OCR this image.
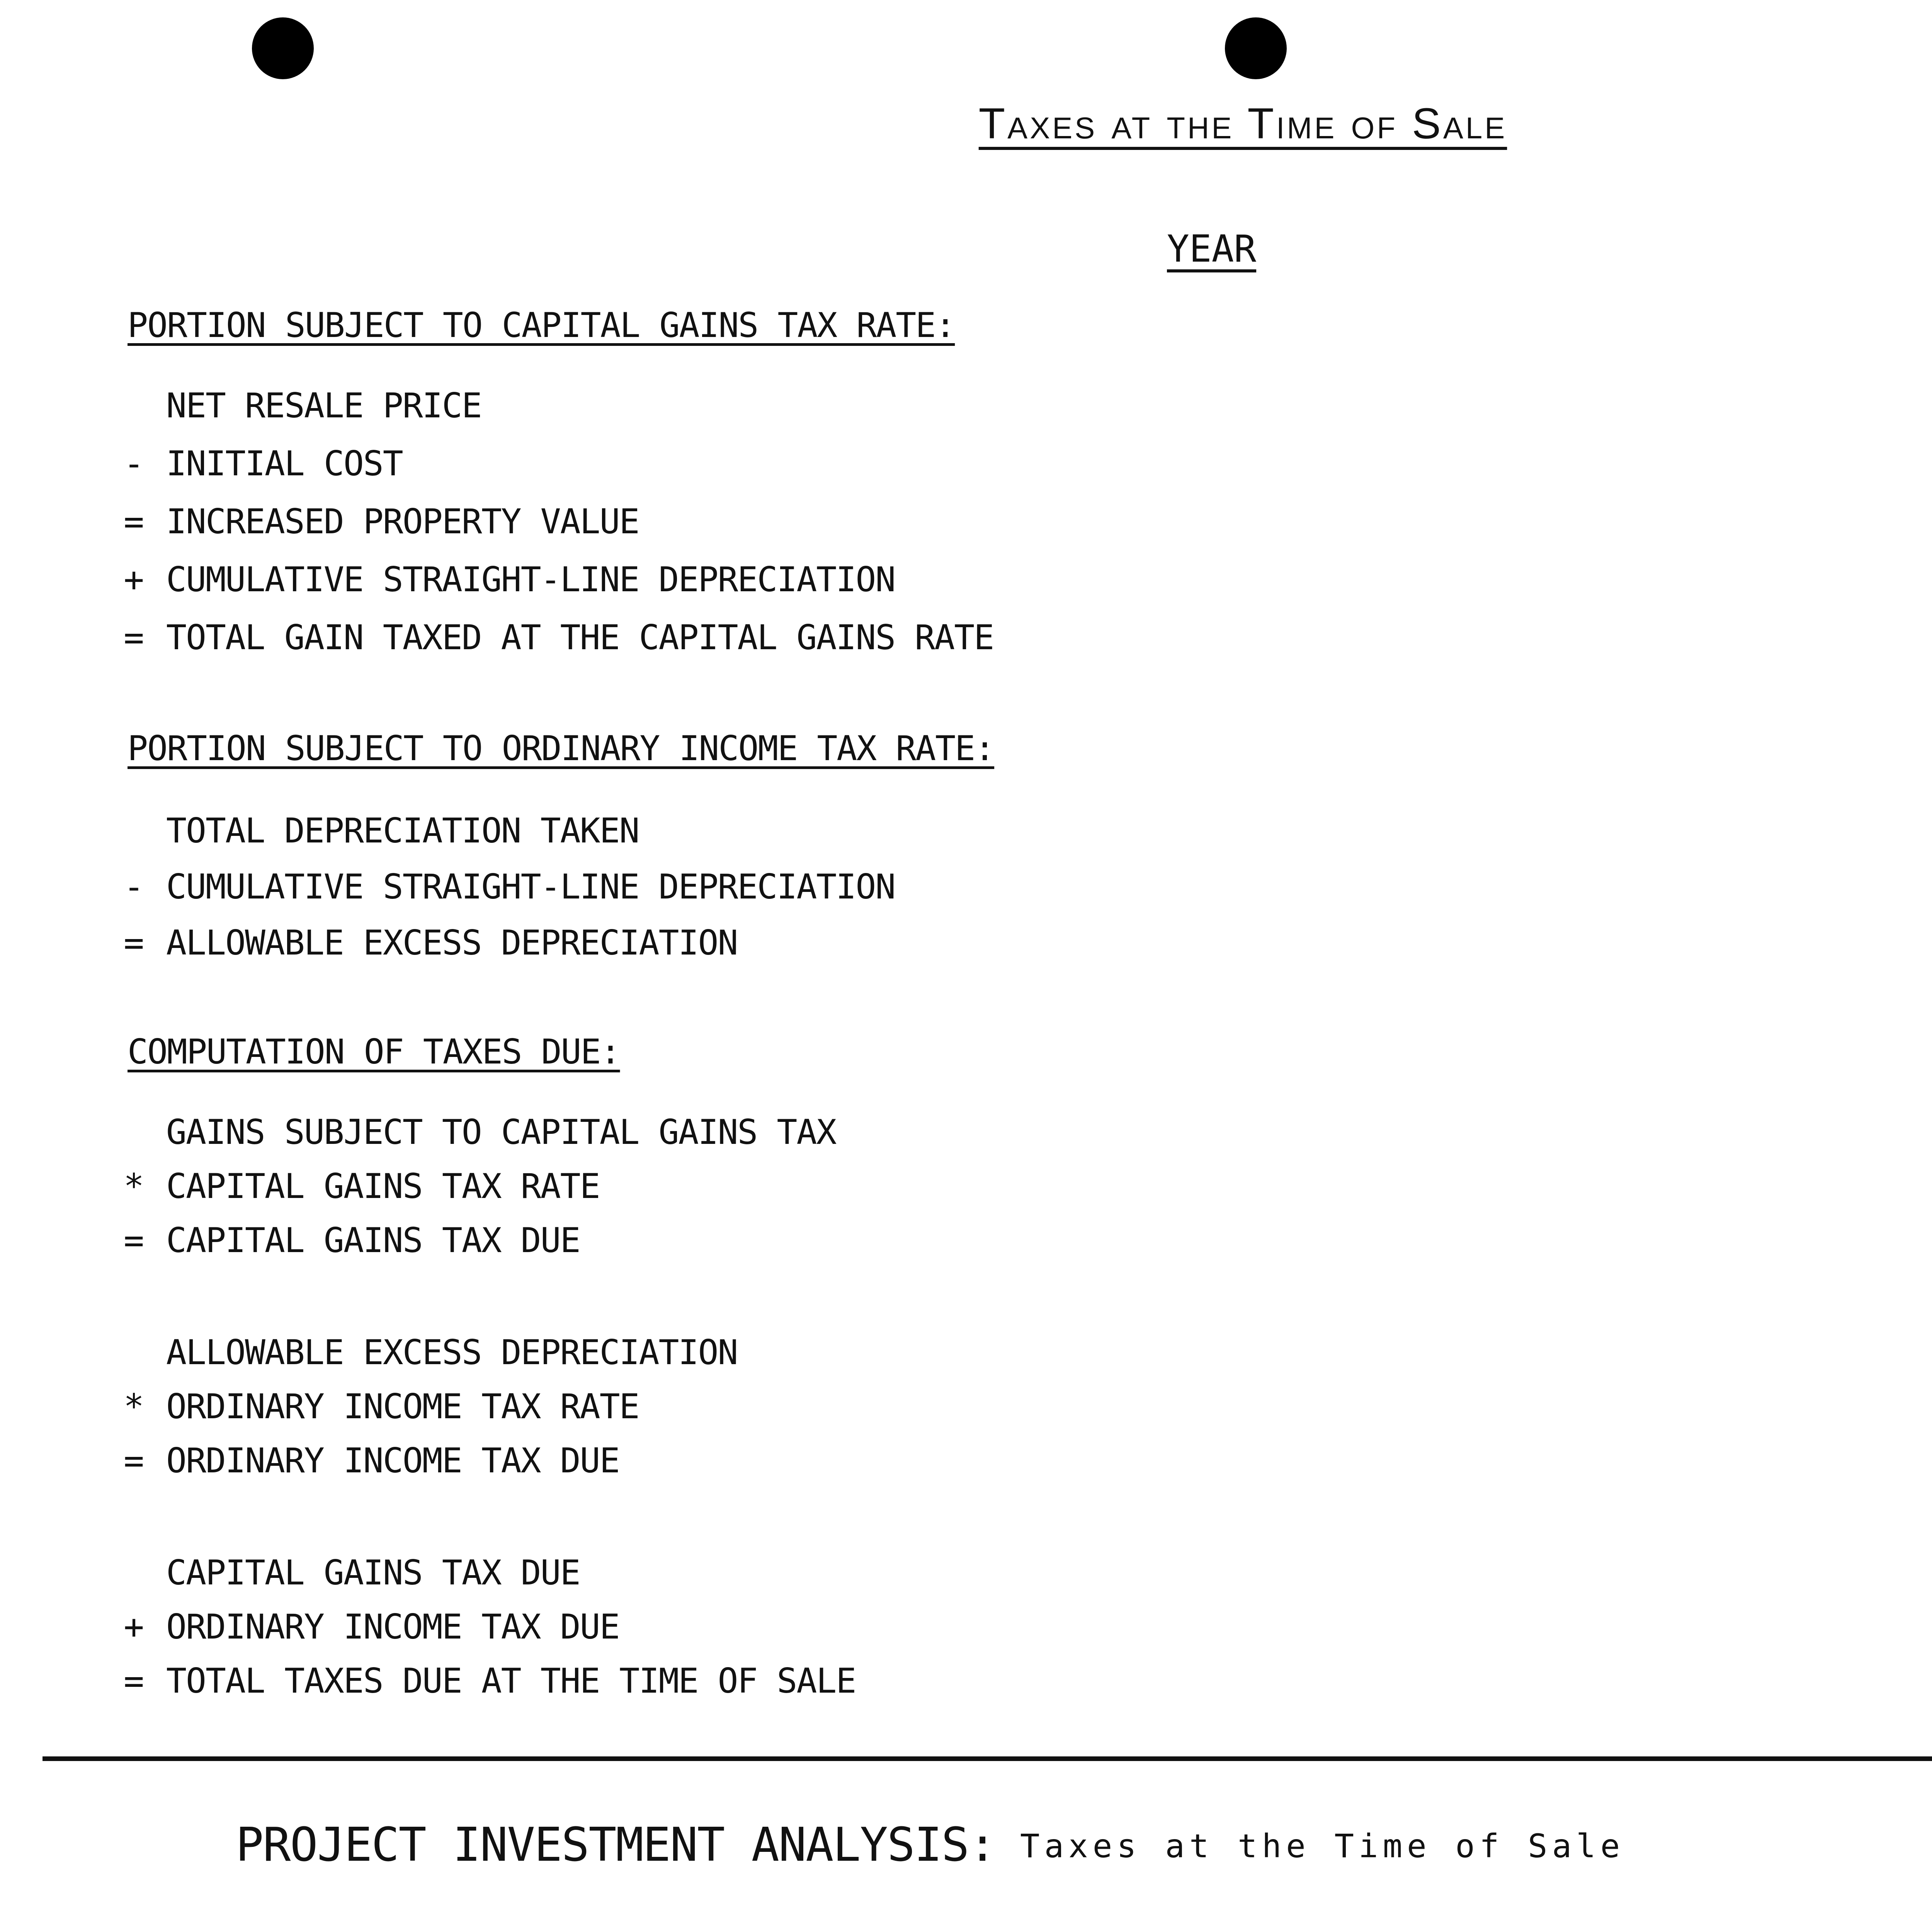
Taxes at the Time of Sale
YEAR
PORTION SUBJECT TO CAPITAL GAINS TAX RATE:
NET RESALE PRICE
- INITIAL COST
= INCREASED PROPERTY VALUE
+ CUMULATIVE STRAIGHT-LINE DEPRECIATION
= TOTAL GAIN TAXED AT THE CAPITAL GAINS RATE
PORTION SUBJECT TO ORDINARY INCOME TAX RATE:
TOTAL DEPRECIATION TAKEN
- CUMULATIVE STRAIGHT-LINE DEPRECIATION
= ALLOWABLE EXCESS DEPRECIATION
COMPUTATION OF TAXES DUE:
GAINS SUBJECT TO CAPITAL GAINS TAX
* CAPITAL GAINS TAX RATE
= CAPITAL GAINS TAX DUE
ALLOWABLE EXCESS DEPRECIATION
* ORDINARY INCOME TAX RATE
= ORDINARY INCOME TAX DUE
CAPITAL GAINS TAX DUE
+ ORDINARY INCOME TAX DUE
= TOTAL TAXES DUE AT THE TIME OF SALE
PROJECT INVESTMENT ANALYSIS: Taxes at the Time of Sale
